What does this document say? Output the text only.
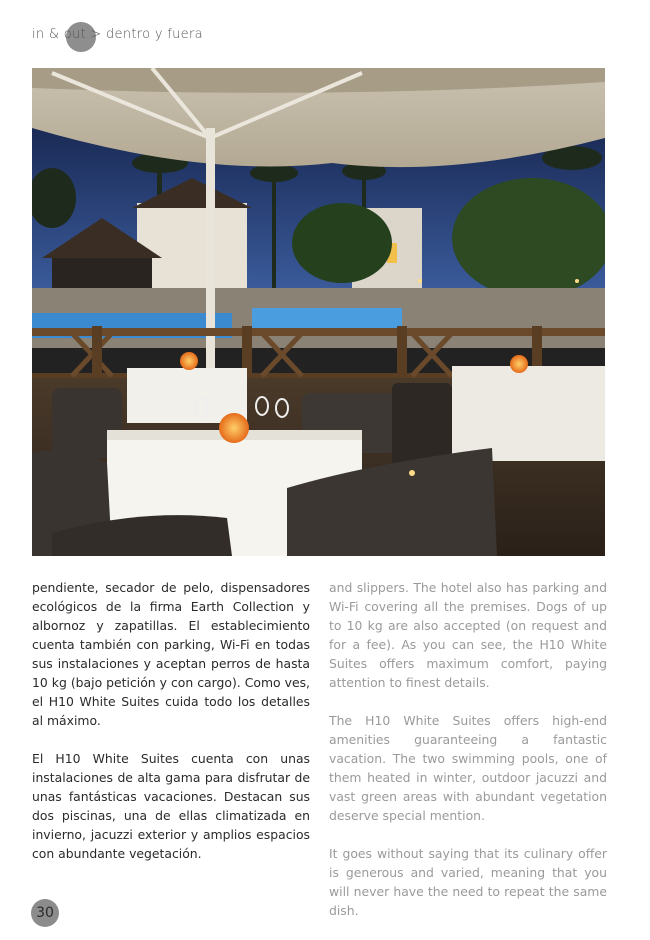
in & out > dentro y fuera

pendiente, secador de pelo, dispensadores ecológicos de la firma Earth Collection y albornoz y zapatillas. El establecimiento cuenta también con parking, Wi-Fi en todas sus instalaciones y aceptan perros de hasta 10 kg (bajo petición y con cargo). Como ves, el H10 White Suites cuida todo los detalles al máximo.

El H10 White Suites cuenta con unas instalaciones de alta gama para disfrutar de unas fantásticas vacaciones. Destacan sus dos piscinas, una de ellas climatizada en invierno, jacuzzi exterior y amplios espacios con abundante vegetación.

and slippers. The hotel also has parking and Wi-Fi covering all the premises. Dogs of up to 10 kg are also accepted (on request and for a fee). As you can see, the H10 White Suites offers maximum comfort, paying attention to finest details.

The H10 White Suites offers high-end amenities guaranteeing a fantastic vacation. The two swimming pools, one of them heated in winter, outdoor jacuzzi and vast green areas with abundant vegetation deserve special mention.

It goes without saying that its culinary offer is generous and varied, meaning that you will never have the need to repeat the same dish.

30
